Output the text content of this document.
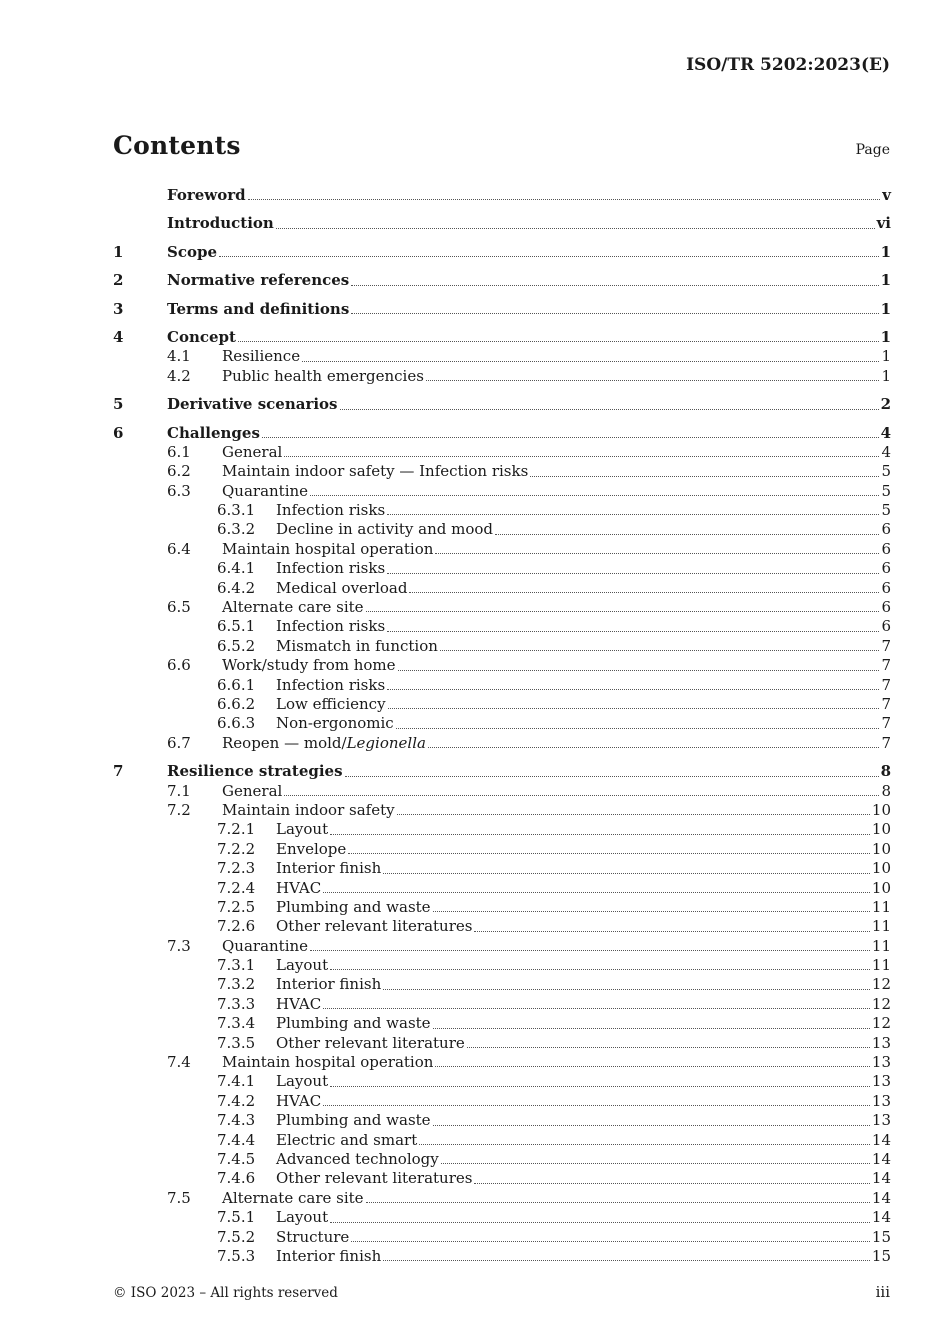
ISO/TR 5202:2023(E)
Contents	Page
Foreword	v
Introduction	vi
1	Scope	1
2	Normative references	1
3	Terms and definitions	1
4	Concept	1
4.1	Resilience	1
4.2	Public health emergencies	1
5	Derivative scenarios	2
6	Challenges	4
6.1	General	4
6.2	Maintain indoor safety — Infection risks	5
6.3	Quarantine	5
6.3.1	Infection risks	5
6.3.2	Decline in activity and mood	6
6.4	Maintain hospital operation	6
6.4.1	Infection risks	6
6.4.2	Medical overload	6
6.5	Alternate care site	6
6.5.1	Infection risks	6
6.5.2	Mismatch in function	7
6.6	Work/study from home	7
6.6.1	Infection risks	7
6.6.2	Low efficiency	7
6.6.3	Non-ergonomic	7
6.7	Reopen — mold/Legionella	7
7	Resilience strategies	8
7.1	General	8
7.2	Maintain indoor safety	10
7.2.1	Layout	10
7.2.2	Envelope	10
7.2.3	Interior finish	10
7.2.4	HVAC	10
7.2.5	Plumbing and waste	11
7.2.6	Other relevant literatures	11
7.3	Quarantine	11
7.3.1	Layout	11
7.3.2	Interior finish	12
7.3.3	HVAC	12
7.3.4	Plumbing and waste	12
7.3.5	Other relevant literature	13
7.4	Maintain hospital operation	13
7.4.1	Layout	13
7.4.2	HVAC	13
7.4.3	Plumbing and waste	13
7.4.4	Electric and smart	14
7.4.5	Advanced technology	14
7.4.6	Other relevant literatures	14
7.5	Alternate care site	14
7.5.1	Layout	14
7.5.2	Structure	15
7.5.3	Interior finish	15
© ISO 2023 – All rights reserved	iii
